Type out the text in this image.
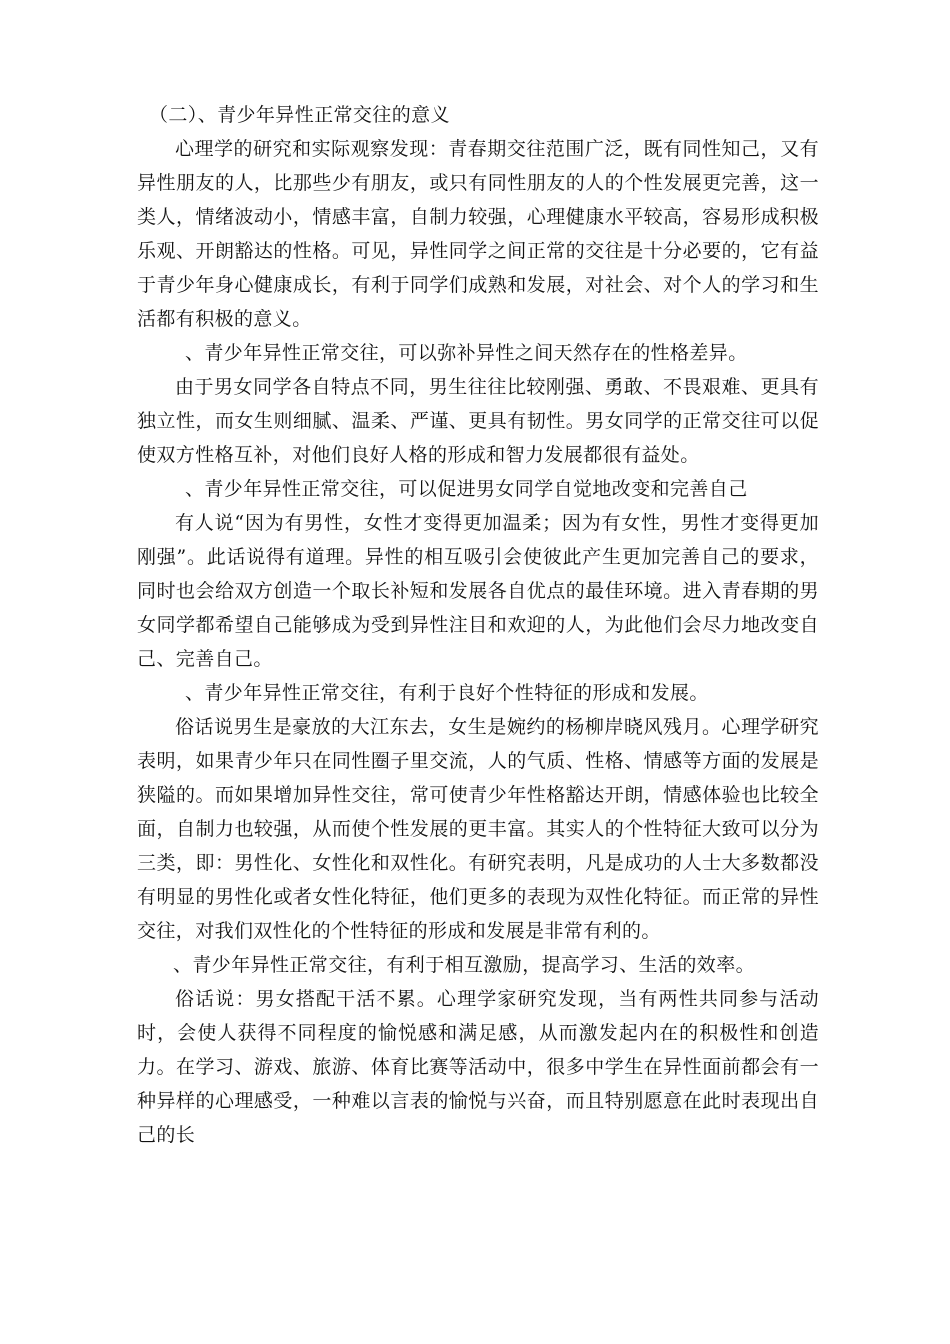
（二）、青少年异性正常交往的意义

心理学的研究和实际观察发现：青春期交往范围广泛，既有同性知己，又有异性朋友的人，比那些少有朋友，或只有同性朋友的人的个性发展更完善，这一类人，情绪波动小，情感丰富，自制力较强，心理健康水平较高，容易形成积极乐观、开朗豁达的性格。可见，异性同学之间正常的交往是十分必要的，它有益于青少年身心健康成长，有利于同学们成熟和发展，对社会、对个人的学习和生活都有积极的意义。

、青少年异性正常交往，可以弥补异性之间天然存在的性格差异。

由于男女同学各自特点不同，男生往往比较刚强、勇敢、不畏艰难、更具有独立性，而女生则细腻、温柔、严谨、更具有韧性。男女同学的正常交往可以促使双方性格互补，对他们良好人格的形成和智力发展都很有益处。

、青少年异性正常交往，可以促进男女同学自觉地改变和完善自己

有人说“因为有男性，女性才变得更加温柔；因为有女性，男性才变得更加刚强”。此话说得有道理。异性的相互吸引会使彼此产生更加完善自己的要求，同时也会给双方创造一个取长补短和发展各自优点的最佳环境。进入青春期的男女同学都希望自己能够成为受到异性注目和欢迎的人，为此他们会尽力地改变自己、完善自己。

、青少年异性正常交往，有利于良好个性特征的形成和发展。

俗话说男生是豪放的大江东去，女生是婉约的杨柳岸晓风残月。心理学研究表明，如果青少年只在同性圈子里交流，人的气质、性格、情感等方面的发展是狭隘的。而如果增加异性交往，常可使青少年性格豁达开朗，情感体验也比较全面，自制力也较强，从而使个性发展的更丰富。其实人的个性特征大致可以分为三类，即：男性化、女性化和双性化。有研究表明，凡是成功的人士大多数都没有明显的男性化或者女性化特征，他们更多的表现为双性化特征。而正常的异性交往，对我们双性化的个性特征的形成和发展是非常有利的。

、青少年异性正常交往，有利于相互激励，提高学习、生活的效率。

俗话说：男女搭配干活不累。心理学家研究发现，当有两性共同参与活动时，会使人获得不同程度的愉悦感和满足感，从而激发起内在的积极性和创造力。在学习、游戏、旅游、体育比赛等活动中，很多中学生在异性面前都会有一种异样的心理感受，一种难以言表的愉悦与兴奋，而且特别愿意在此时表现出自己的长
